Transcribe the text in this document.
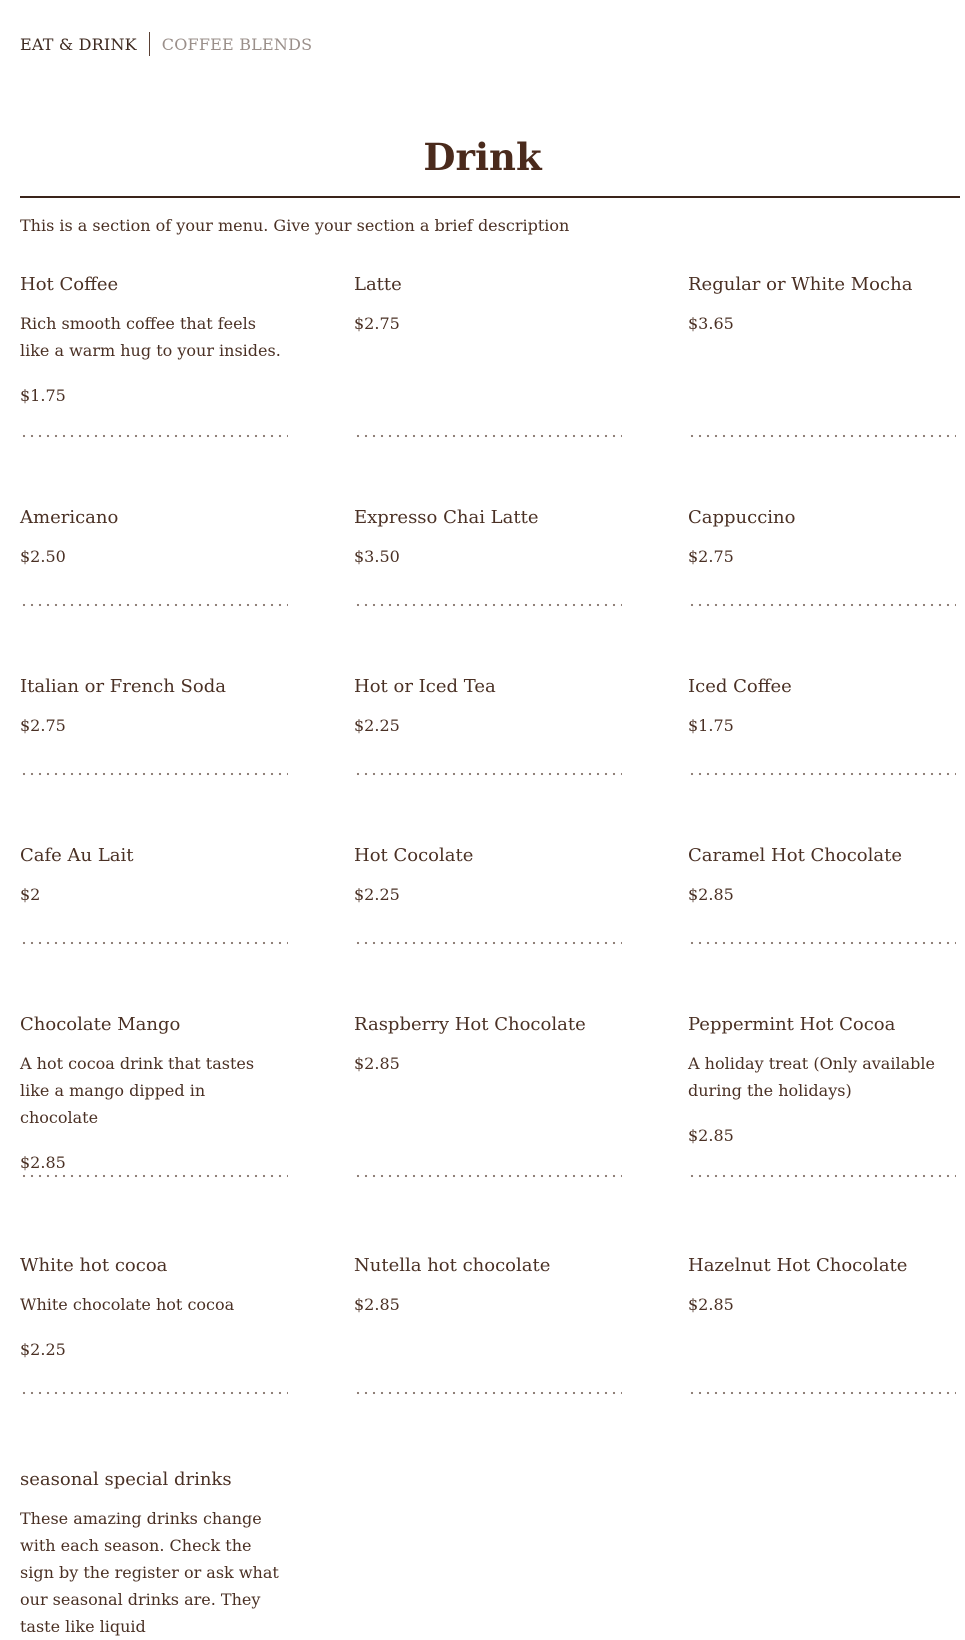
EAT & DRINK COFFEE BLENDS
Drink

This is a section of your menu. Give your section a brief description

Hot Coffee

Rich smooth coffee that feels like a warm hug to your insides.

$1.75

Latte

$2.75

Regular or White Mocha

$3.65

Americano

$2.50

Expresso Chai Latte

$3.50

Cappuccino

$2.75

Italian or French Soda

$2.75

Hot or Iced Tea

$2.25

Iced Coffee

$1.75

Cafe Au Lait

$2

Hot Cocolate

$2.25

Caramel Hot Chocolate

$2.85

Chocolate Mango

A hot cocoa drink that tastes like a mango dipped in chocolate

$2.85

Raspberry Hot Chocolate

$2.85

Peppermint Hot Cocoa

A holiday treat (Only available during the holidays)

$2.85

White hot cocoa

White chocolate hot cocoa

$2.25

Nutella hot chocolate

$2.85

Hazelnut Hot Chocolate

$2.85

seasonal special drinks

These amazing drinks change with each season. Check the sign by the register or ask what our seasonal drinks are. They taste like liquid
